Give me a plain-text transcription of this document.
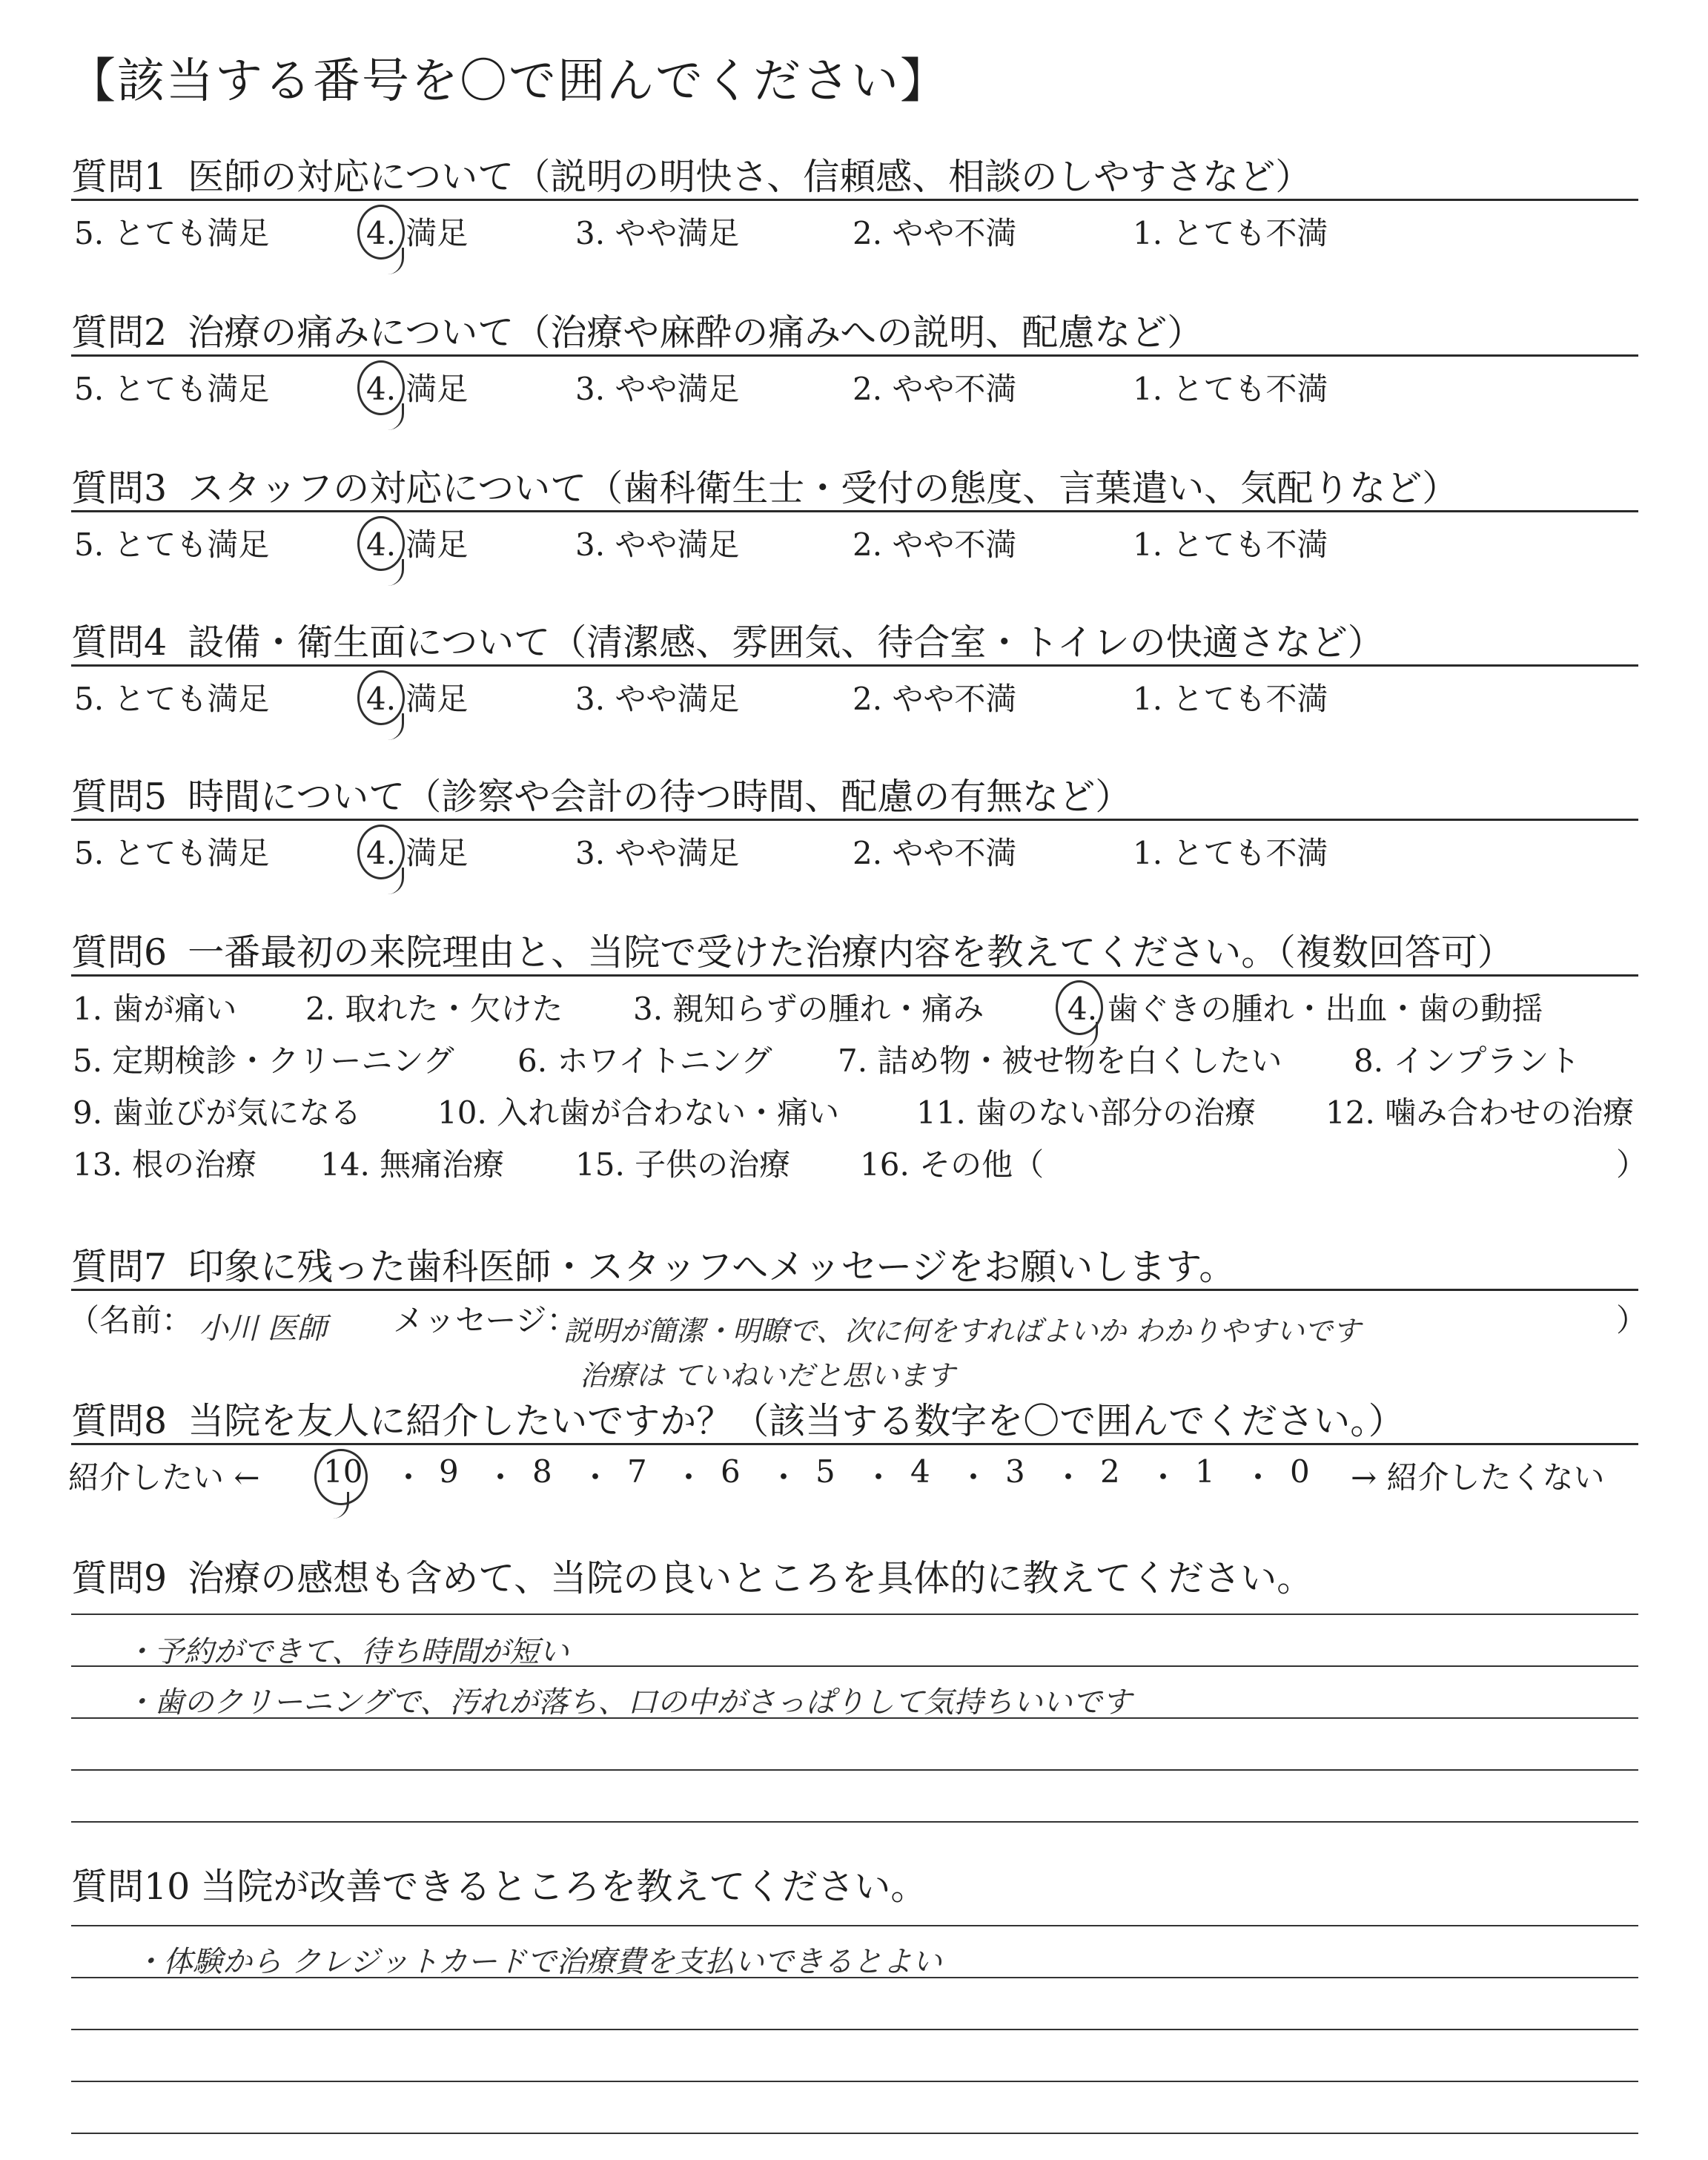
【該当する番号を〇で囲んでください】
質問1 医師の対応について（説明の明快さ、信頼感、相談のしやすさなど）
5. とても満足	4. 満足	3. やや満足	2. やや不満	1. とても不満
質問2 治療の痛みについて（治療や麻酔の痛みへの説明、配慮など）
5. とても満足	4. 満足	3. やや満足	2. やや不満	1. とても不満
質問3 スタッフの対応について（歯科衛生士・受付の態度、言葉遣い、気配りなど）
5. とても満足	4. 満足	3. やや満足	2. やや不満	1. とても不満
質問4 設備・衛生面について（清潔感、雰囲気、待合室・トイレの快適さなど）
5. とても満足	4. 満足	3. やや満足	2. やや不満	1. とても不満
質問5 時間について（診察や会計の待つ時間、配慮の有無など）
5. とても満足	4. 満足	3. やや満足	2. やや不満	1. とても不満
質問6 一番最初の来院理由と、当院で受けた治療内容を教えてください。（複数回答可）
1. 歯が痛い 2. 取れた・欠けた 3. 親知らずの腫れ・痛み	4. 歯ぐきの腫れ・出血・歯の動揺
5. 定期検診・クリーニング 6. ホワイトニング 7. 詰め物・被せ物を白くしたい 8. インプラント
9. 歯並びが気になる 10. 入れ歯が合わない・痛い 11. 歯のない部分の治療 12. 噛み合わせの治療
13. 根の治療 14. 無痛治療 15. 子供の治療 16. その他（	）
質問7 印象に残った歯科医師・スタッフへメッセージをお願いします。
（名前： 小川 医師 メッセージ：
説明が簡潔・明瞭で、次に何をすればよいか わかりやすいです
治療は ていねいだと思います
）
質問8 当院を友人に紹介したいですか？（該当する数字を〇で囲んでください。）
紹介したい ←	→ 紹介したくない
10 ・ 9 ・ 8 ・ 7 ・ 6 ・ 5 ・ 4 ・ 3 ・ 2 ・ 1 ・ 0
質問9 治療の感想も含めて、当院の良いところを具体的に教えてください。
・予約ができて、待ち時間が短い
・歯のクリーニングで、汚れが落ち、口の中がさっぱりして気持ちいいです
質問10 当院が改善できるところを教えてください。
・体験から クレジットカードで治療費を支払いできるとよい
